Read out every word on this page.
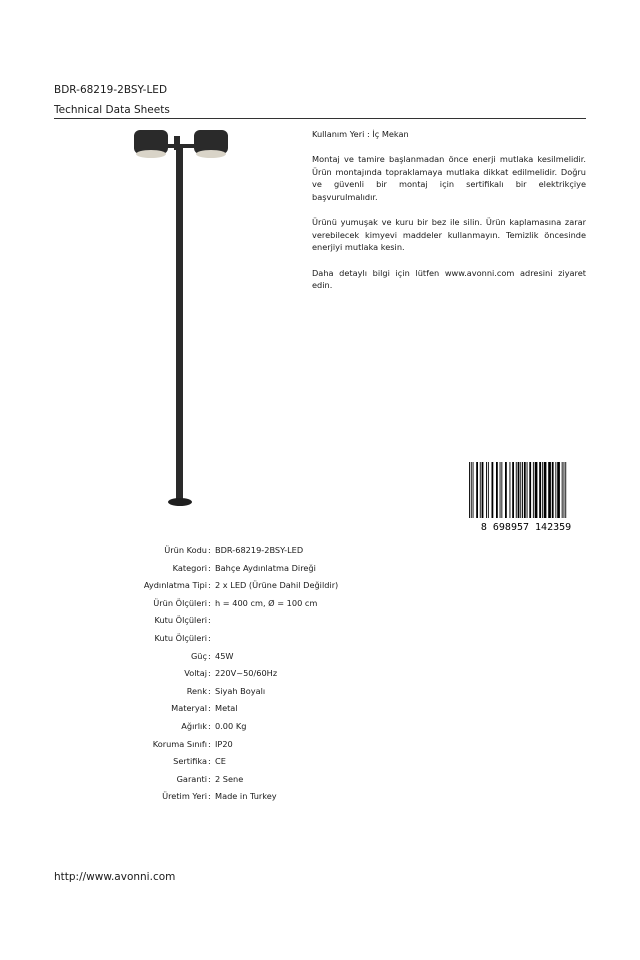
BDR-68219-2BSY-LED
Technical Data Sheets

Kullanım Yeri : İç Mekan

Montaj ve tamire başlanmadan önce enerji mutlaka kesilmelidir. Ürün montajında topraklamaya mutlaka dikkat edilmelidir. Doğru ve güvenli bir montaj için sertifikalı bir elektrikçiye başvurulmalıdır.

Ürünü yumuşak ve kuru bir bez ile silin. Ürün kaplamasına zarar verebilecek kimyevi maddeler kullanmayın. Temizlik öncesinde enerjiyi mutlaka kesin.

Daha detaylı bilgi için lütfen www.avonni.com adresini ziyaret edin.

8 698957 142359
Ürün Kodu : BDR-68219-2BSY-LED
Kategori : Bahçe Aydınlatma Direği
Aydınlatma Tipi : 2 x LED (Ürüne Dahil Değildir)
Ürün Ölçüleri : h = 400 cm, Ø = 100 cm
Kutu Ölçüleri :
Kutu Ölçüleri :
Güç : 45W
Voltaj : 220V~50/60Hz
Renk : Siyah Boyalı
Materyal : Metal
Ağırlık : 0.00 Kg
Koruma Sınıfı : IP20
Sertifika : CE
Garanti : 2 Sene
Üretim Yeri : Made in Turkey
http://www.avonni.com
